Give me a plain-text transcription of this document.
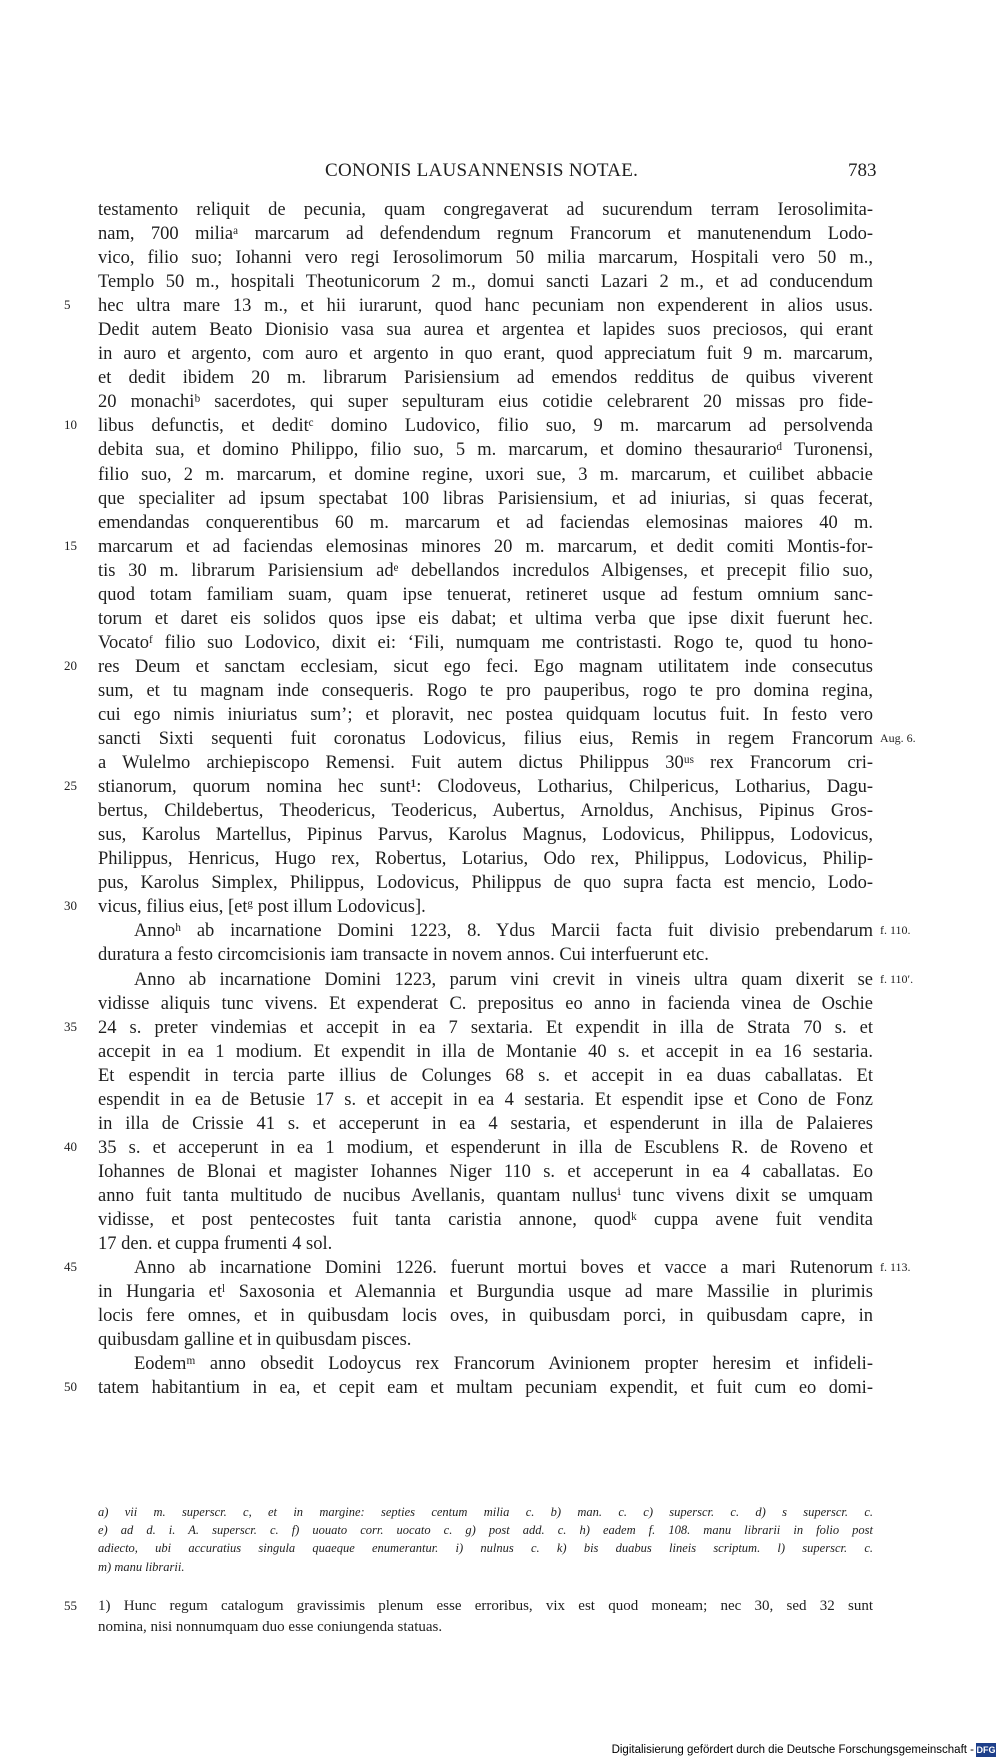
CONONIS LAUSANNENSIS NOTAE.	783
testamento reliquit de pecunia, quam congregaverat ad sucurendum terram Ierosolimita-
nam, 700 miliaᵃ marcarum ad defendendum regnum Francorum et manutenendum Lodo-
vico, filio suo; Iohanni vero regi Ierosolimorum 50 milia marcarum, Hospitali vero 50 m.,
Templo 50 m., hospitali Theotunicorum 2 m., domui sancti Lazari 2 m., et ad conducendum
5	hec ultra mare 13 m., et hii iurarunt, quod hanc pecuniam non expenderent in alios usus.
Dedit autem Beato Dionisio vasa sua aurea et argentea et lapides suos preciosos, qui erant
in auro et argento, com auro et argento in quo erant, quod appreciatum fuit 9 m. marcarum,
et dedit ibidem 20 m. librarum Parisiensium ad emendos redditus de quibus viverent
20 monachiᵇ sacerdotes, qui super sepulturam eius cotidie celebrarent 20 missas pro fide-
10	libus defunctis, et deditᶜ domino Ludovico, filio suo, 9 m. marcarum ad persolvenda
debita sua, et domino Philippo, filio suo, 5 m. marcarum, et domino thesaurarioᵈ Turonensi,
filio suo, 2 m. marcarum, et domine regine, uxori sue, 3 m. marcarum, et cuilibet abbacie
que specialiter ad ipsum spectabat 100 libras Parisiensium, et ad iniurias, si quas fecerat,
emendandas conquerentibus 60 m. marcarum et ad faciendas elemosinas maiores 40 m.
15	marcarum et ad faciendas elemosinas minores 20 m. marcarum, et dedit comiti Montis-for-
tis 30 m. librarum Parisiensium adᵉ debellandos incredulos Albigenses, et precepit filio suo,
quod totam familiam suam, quam ipse tenuerat, retineret usque ad festum omnium sanc-
torum et daret eis solidos quos ipse eis dabat; et ultima verba que ipse dixit fuerunt hec.
Vocatoᶠ filio suo Lodovico, dixit ei: ‘Fili, numquam me contristasti. Rogo te, quod tu hono-
20	res Deum et sanctam ecclesiam, sicut ego feci. Ego magnam utilitatem inde consecutus
sum, et tu magnam inde consequeris. Rogo te pro pauperibus, rogo te pro domina regina,
cui ego nimis iniuriatus sum’; et ploravit, nec postea quidquam locutus fuit. In festo vero
sancti Sixti sequenti fuit coronatus Lodovicus, filius eius, Remis in regem Francorum Aug. 6.
a Wulelmo archiepiscopo Remensi. Fuit autem dictus Philippus 30ᵘˢ rex Francorum cri-
25	stianorum, quorum nomina hec sunt¹: Clodoveus, Lotharius, Chilpericus, Lotharius, Dagu-
bertus, Childebertus, Theodericus, Teodericus, Aubertus, Arnoldus, Anchisus, Pipinus Gros-
sus, Karolus Martellus, Pipinus Parvus, Karolus Magnus, Lodovicus, Philippus, Lodovicus,
Philippus, Henricus, Hugo rex, Robertus, Lotarius, Odo rex, Philippus, Lodovicus, Philip-
pus, Karolus Simplex, Philippus, Lodovicus, Philippus de quo supra facta est mencio, Lodo-
30	vicus, filius eius, [etᵍ post illum Lodovicus].
Annoʰ ab incarnatione Domini 1223, 8. Ydus Marcii facta fuit divisio prebendarum f. 110.
duratura a festo circomcisionis iam transacte in novem annos. Cui interfuerunt etc.
Anno ab incarnatione Domini 1223, parum vini crevit in vineis ultra quam dixerit se f. 110′.
vidisse aliquis tunc vivens. Et expenderat C. prepositus eo anno in facienda vinea de Oschie
35	24 s. preter vindemias et accepit in ea 7 sextaria. Et expendit in illa de Strata 70 s. et
accepit in ea 1 modium. Et expendit in illa de Montanie 40 s. et accepit in ea 16 sestaria.
Et espendit in tercia parte illius de Colunges 68 s. et accepit in ea duas caballatas. Et
espendit in ea de Betusie 17 s. et accepit in ea 4 sestaria. Et espendit ipse et Cono de Fonz
in illa de Crissie 41 s. et acceperunt in ea 4 sestaria, et espenderunt in illa de Palaieres
40	35 s. et acceperunt in ea 1 modium, et espenderunt in illa de Escublens R. de Roveno et
Iohannes de Blonai et magister Iohannes Niger 110 s. et acceperunt in ea 4 caballatas. Eo
anno fuit tanta multitudo de nucibus Avellanis, quantam nullusⁱ tunc vivens dixit se umquam
vidisse, et post pentecostes fuit tanta caristia annone, quodᵏ cuppa avene fuit vendita
17 den. et cuppa frumenti 4 sol.
45	Anno ab incarnatione Domini 1226. fuerunt mortui boves et vacce a mari Rutenorum f. 113.
in Hungaria etˡ Saxosonia et Alemannia et Burgundia usque ad mare Massilie in plurimis
locis fere omnes, et in quibusdam locis oves, in quibusdam porci, in quibusdam capre, in
quibusdam galline et in quibusdam pisces.
Eodemᵐ anno obsedit Lodoycus rex Francorum Avinionem propter heresim et infideli-
50	tatem habitantium in ea, et cepit eam et multam pecuniam expendit, et fuit cum eo domi-
a) vii m. superscr. c, et in margine: septies centum milia c. b) man. c. c) superscr. c. d) s superscr. c.
e) ad d. i. A. superscr. c. f) uouato corr. uocato c. g) post add. c. h) eadem f. 108. manu librarii in folio post
adiecto, ubi accuratius singula quaeque enumerantur. i) nulnus c. k) bis duabus lineis scriptum. l) superscr. c.
m) manu librarii.
55 1) Hunc regum catalogum gravissimis plenum esse erroribus, vix est quod moneam; nec 30, sed 32 sunt
nomina, nisi nonnumquam duo esse coniungenda statuas.
Digitalisierung gefördert durch die Deutsche Forschungsgemeinschaft - DFG
